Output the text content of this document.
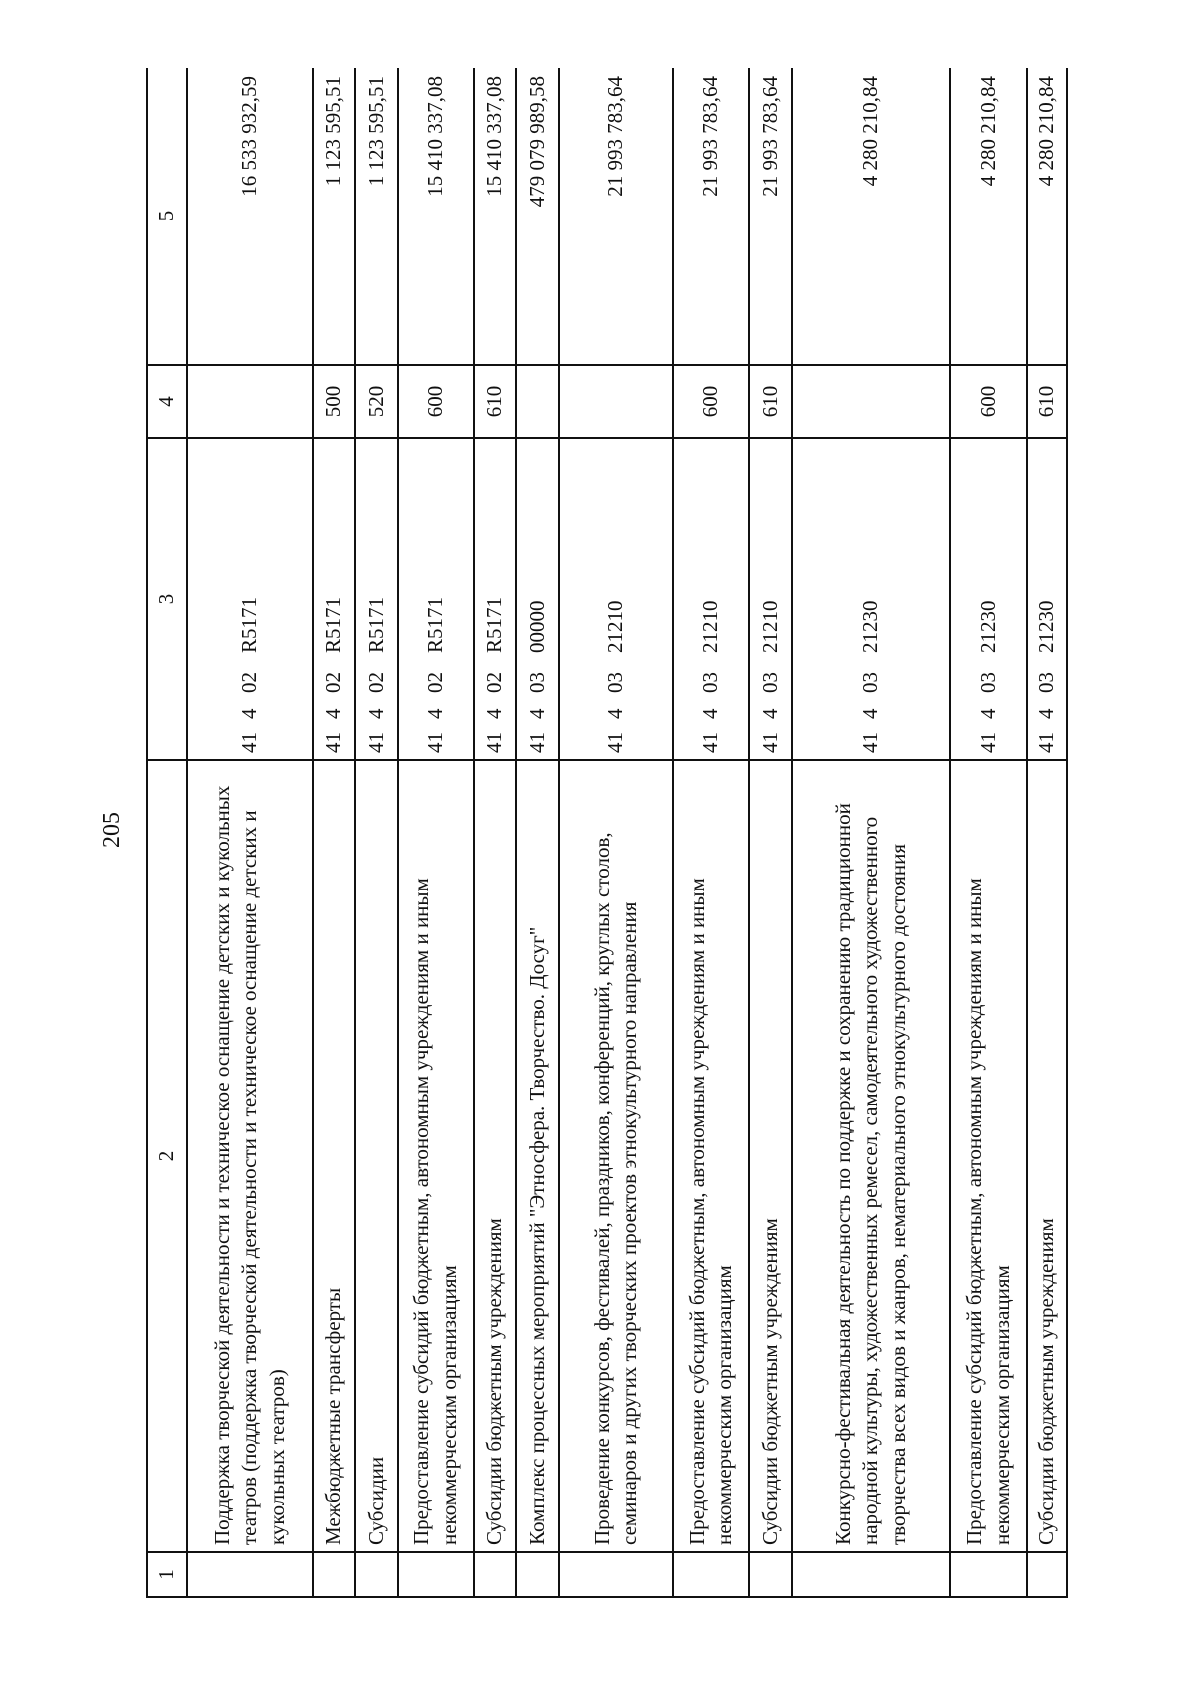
205
1	2	3	4	5
	Поддержка творческой деятельности и техническое оснащение детских и кукольных театров (поддержка творческой деятельности и техническое оснащение детских и кукольных театров)	41402R5171		16 533 932,59
	Межбюджетные трансферты	41402R5171	500	1 123 595,51
	Субсидии	41402R5171	520	1 123 595,51
	Предоставление субсидий бюджетным, автономным учреждениям и иным некоммерческим организациям	41402R5171	600	15 410 337,08
	Субсидии бюджетным учреждениям	41402R5171	610	15 410 337,08
	Комплекс процессных мероприятий "Этносфера. Творчество. Досуг"	4140300000		479 079 989,58
	Проведение конкурсов, фестивалей, праздников, конференций, круглых столов, семинаров и других творческих проектов этнокультурного направления	4140321210		21 993 783,64
	Предоставление субсидий бюджетным, автономным учреждениям и иным некоммерческим организациям	4140321210	600	21 993 783,64
	Субсидии бюджетным учреждениям	4140321210	610	21 993 783,64
	Конкурсно-фестивальная деятельность по поддержке и сохранению традиционной народной культуры, художественных ремесел, самодеятельного художественного творчества всех видов и жанров, нематериального этнокультурного достояния	4140321230		4 280 210,84
	Предоставление субсидий бюджетным, автономным учреждениям и иным некоммерческим организациям	4140321230	600	4 280 210,84
	Субсидии бюджетным учреждениям	4140321230	610	4 280 210,84
